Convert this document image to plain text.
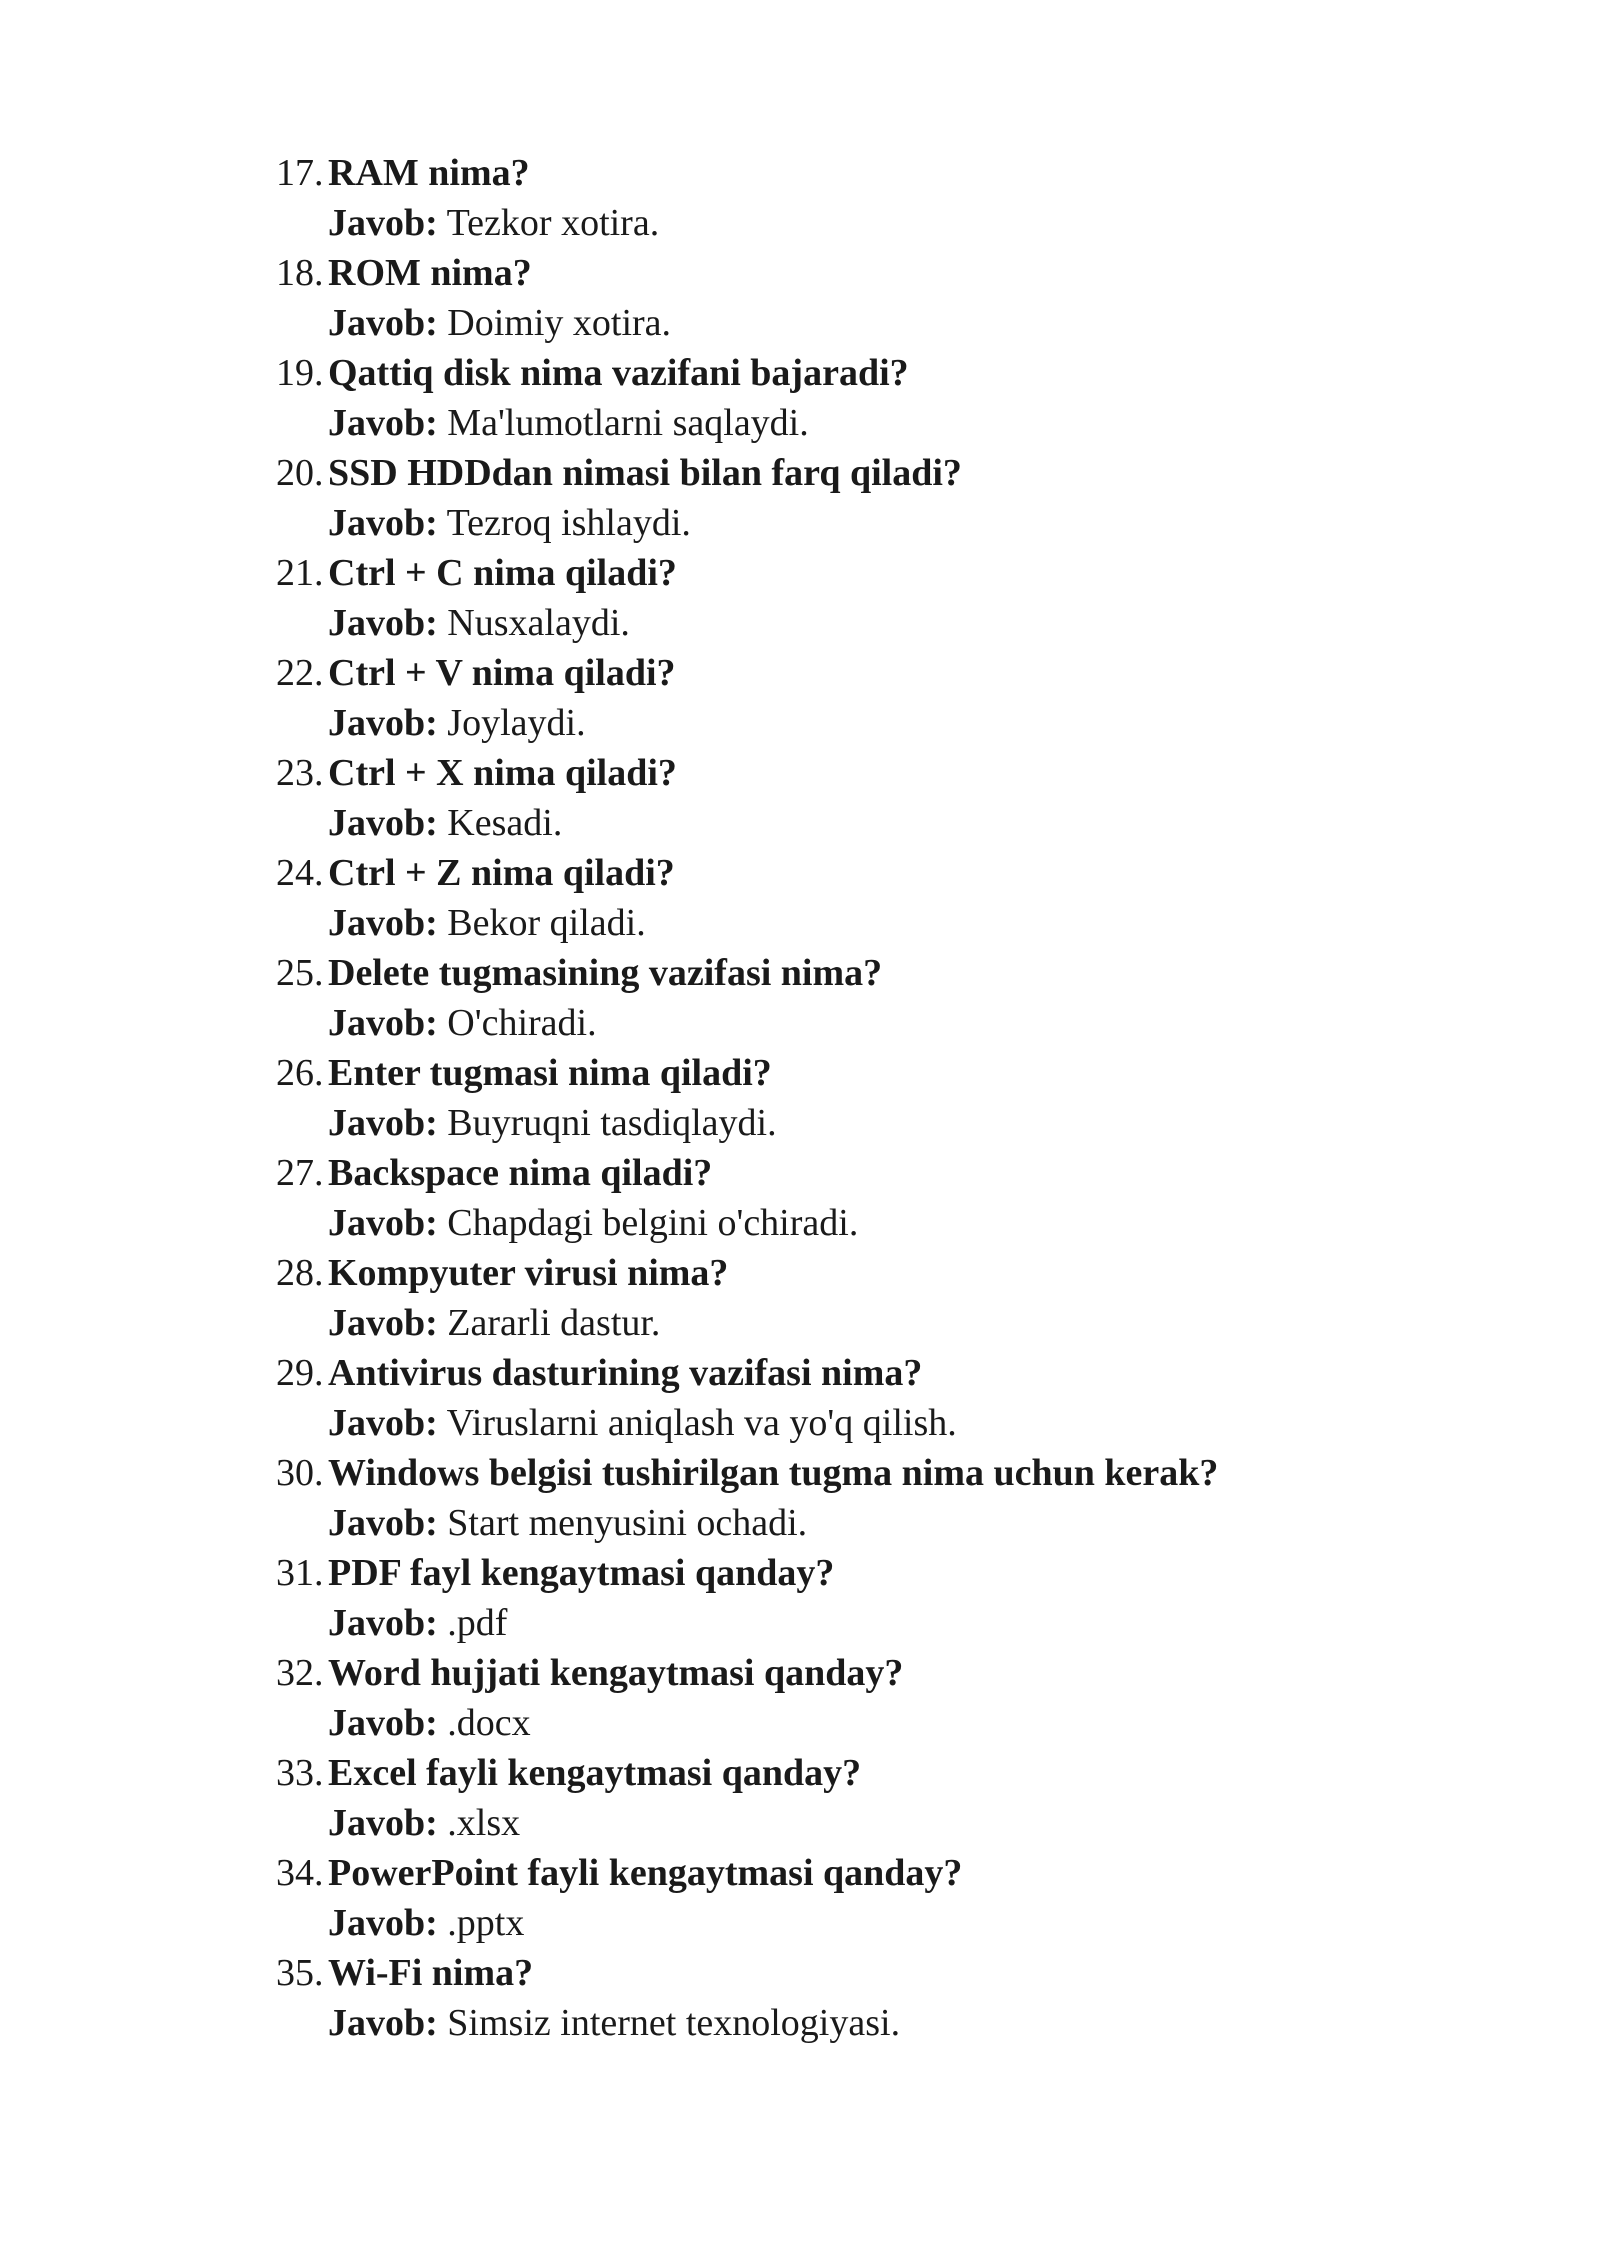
17. RAM nima?
Javob: Tezkor xotira.
18. ROM nima?
Javob: Doimiy xotira.
19. Qattiq disk nima vazifani bajaradi?
Javob: Ma'lumotlarni saqlaydi.
20. SSD HDDdan nimasi bilan farq qiladi?
Javob: Tezroq ishlaydi.
21. Ctrl + C nima qiladi?
Javob: Nusxalaydi.
22. Ctrl + V nima qiladi?
Javob: Joylaydi.
23. Ctrl + X nima qiladi?
Javob: Kesadi.
24. Ctrl + Z nima qiladi?
Javob: Bekor qiladi.
25. Delete tugmasining vazifasi nima?
Javob: O'chiradi.
26. Enter tugmasi nima qiladi?
Javob: Buyruqni tasdiqlaydi.
27. Backspace nima qiladi?
Javob: Chapdagi belgini o'chiradi.
28. Kompyuter virusi nima?
Javob: Zararli dastur.
29. Antivirus dasturining vazifasi nima?
Javob: Viruslarni aniqlash va yo'q qilish.
30. Windows belgisi tushirilgan tugma nima uchun kerak?
Javob: Start menyusini ochadi.
31. PDF fayl kengaytmasi qanday?
Javob: .pdf
32. Word hujjati kengaytmasi qanday?
Javob: .docx
33. Excel fayli kengaytmasi qanday?
Javob: .xlsx
34. PowerPoint fayli kengaytmasi qanday?
Javob: .pptx
35. Wi-Fi nima?
Javob: Simsiz internet texnologiyasi.
